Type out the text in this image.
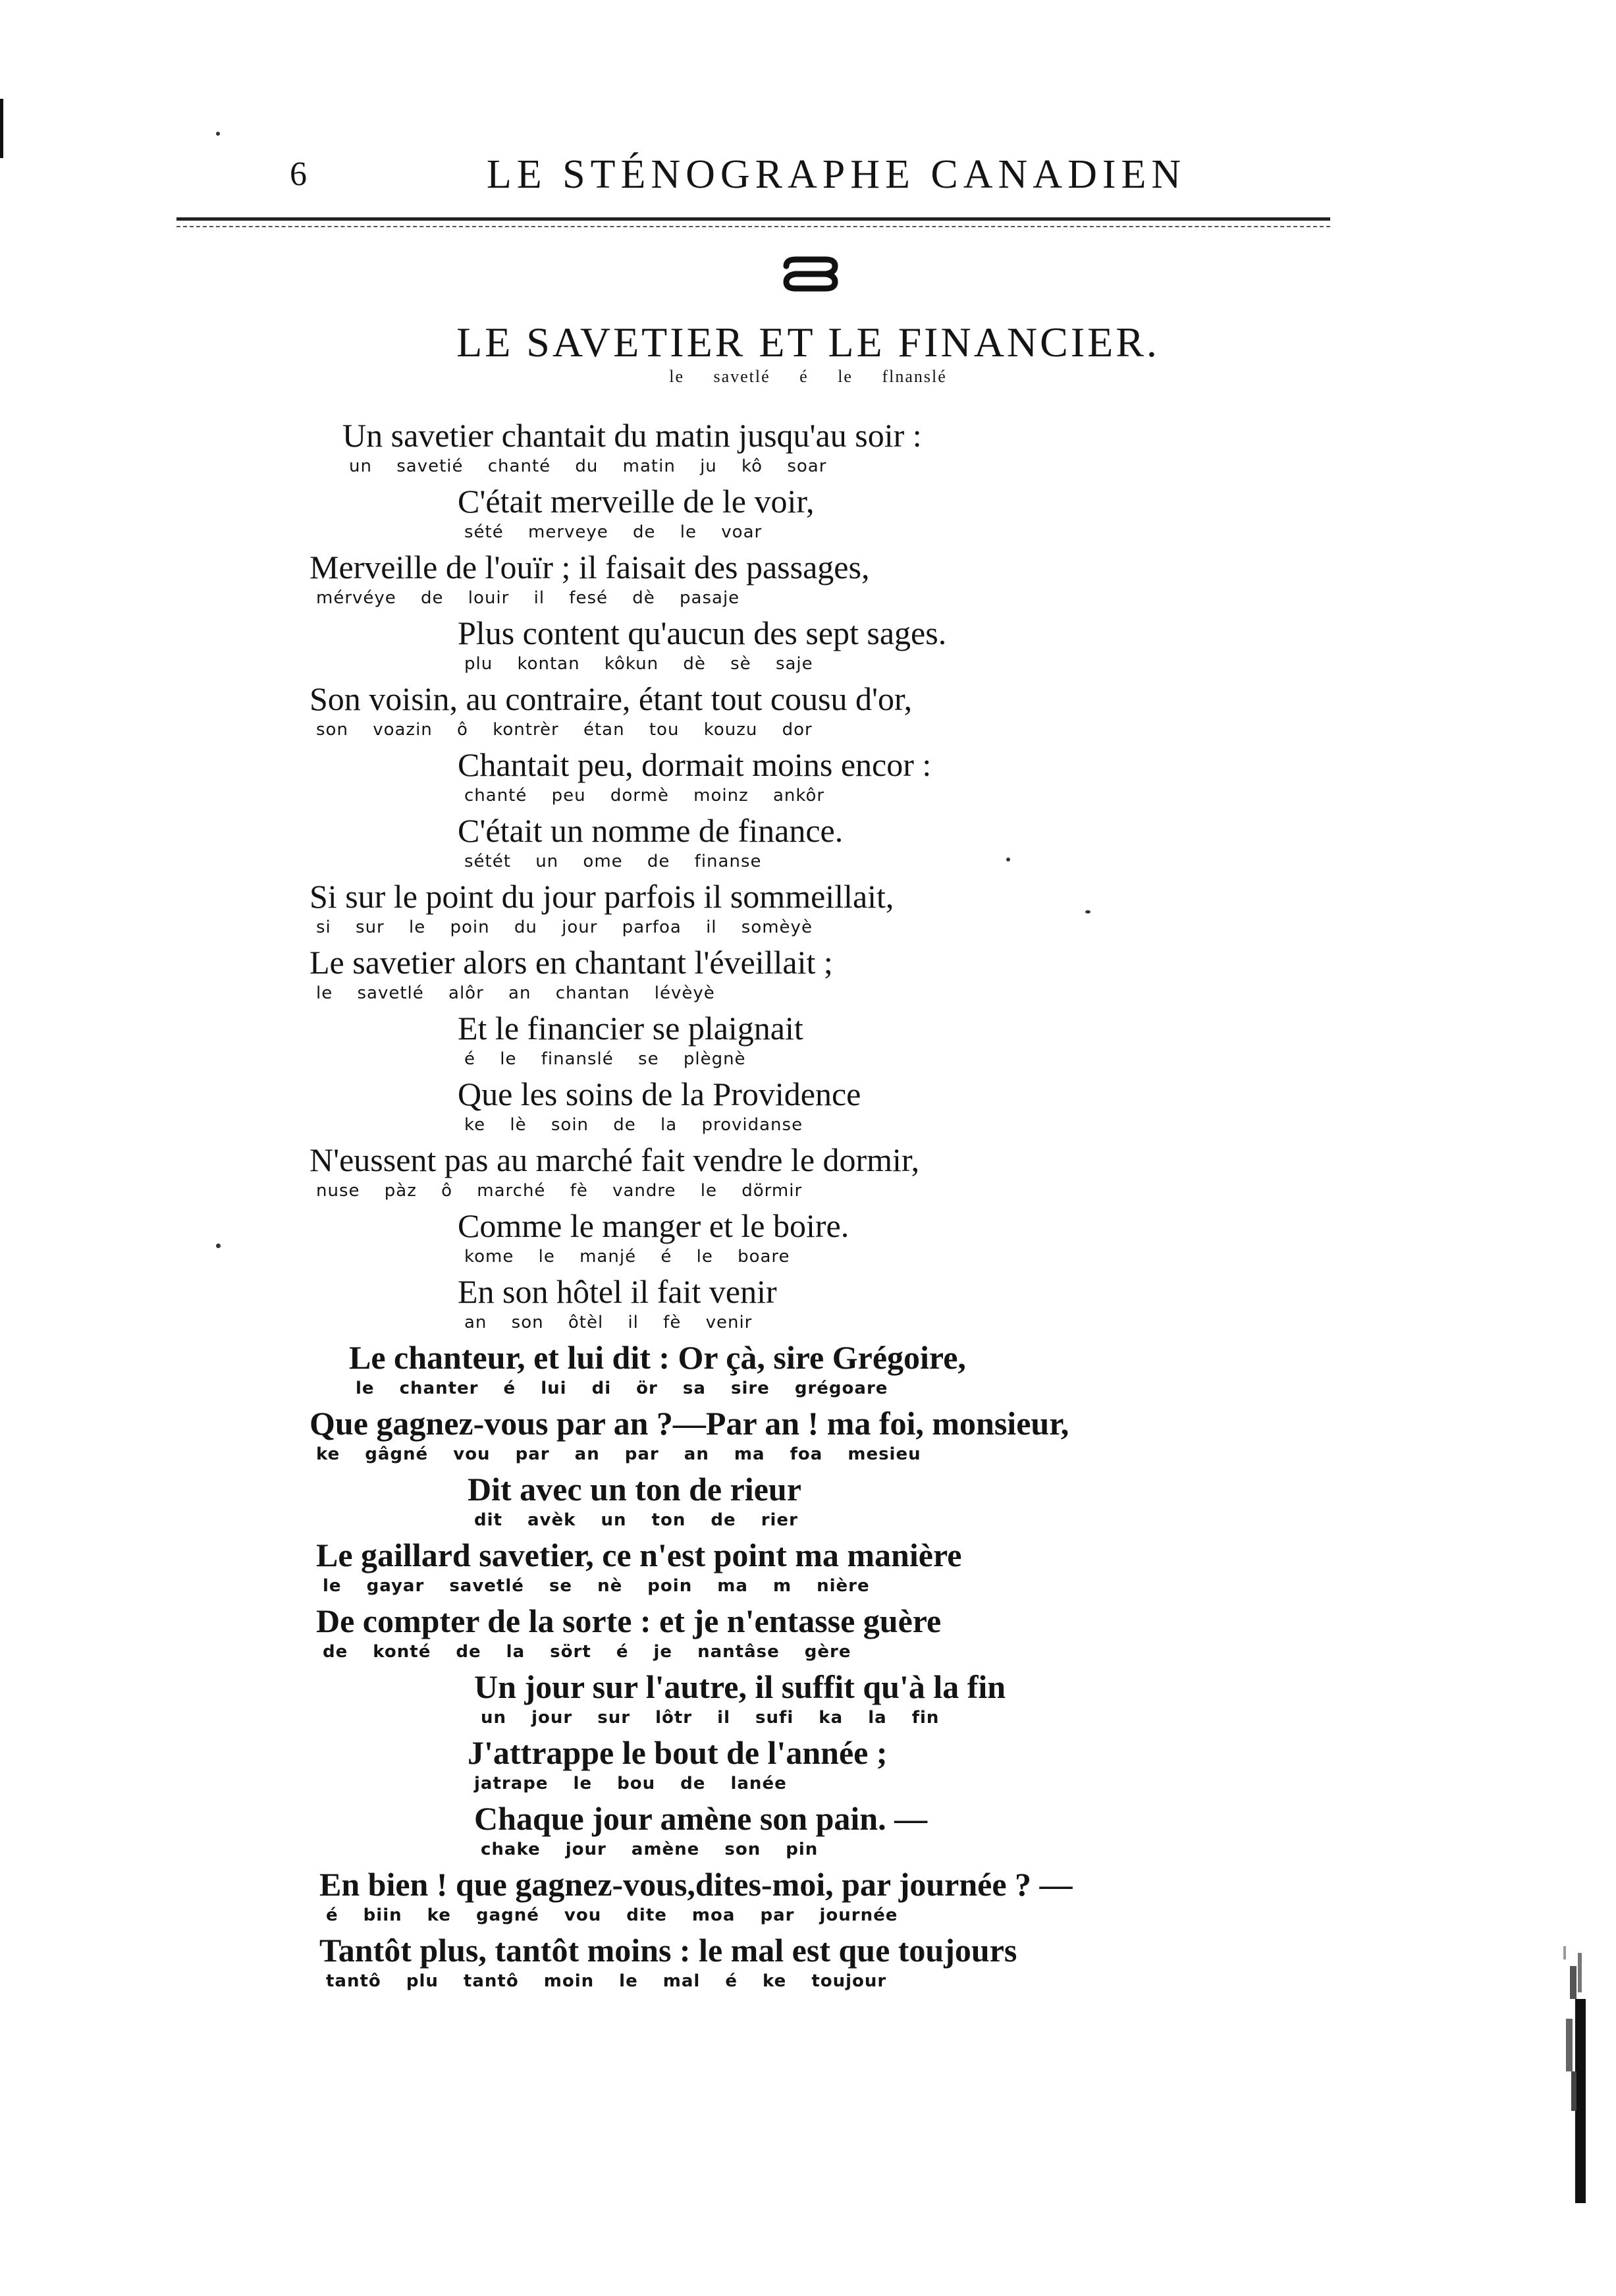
6	LE STÉNOGRAPHE CANADIEN
LE SAVETIER ET LE FINANCIER.
le savetlé é le flnanslé
Un savetier chantait du matin jusqu'au soir :
un savetié chanté du matin ju kô soar
C'était merveille de le voir,
sété merveye de le voar
Merveille de l'ouïr ; il faisait des passages,
mérvéye de louir il fesé dè pasaje
Plus content qu'aucun des sept sages.
plu kontan kôkun dè sè saje
Son voisin, au contraire, étant tout cousu d'or,
son voazin ô kontrèr étan tou kouzu dor
Chantait peu, dormait moins encor :
chanté peu dormè moinz ankôr
C'était un nomme de finance.
sétét un ome de finanse
Si sur le point du jour parfois il sommeillait,
si sur le poin du jour parfoa il somèyè
Le savetier alors en chantant l'éveillait ;
le savetlé alôr an chantan lévèyè
Et le financier se plaignait
é le finanslé se plègnè
Que les soins de la Providence
ke lè soin de la providanse
N'eussent pas au marché fait vendre le dormir,
nuse pàz ô marché fè vandre le dörmir
Comme le manger et le boire.
kome le manjé é le boare
En son hôtel il fait venir
an son ôtèl il fè venir
Le chanteur, et lui dit : Or çà, sire Grégoire,
le chanter é lui di ör sa sire grégoare
Que gagnez-vous par an ?—Par an ! ma foi, monsieur,
ke gâgné vou par an par an ma foa mesieu
Dit avec un ton de rieur
dit avèk un ton de rier
Le gaillard savetier, ce n'est point ma manière
le gayar savetlé se nè poin ma m nière
De compter de la sorte : et je n'entasse guère
de konté de la sört é je nantâse gère
Un jour sur l'autre, il suffit qu'à la fin
un jour sur lôtr il sufi ka la fin
J'attrappe le bout de l'année ;
jatrape le bou de lanée
Chaque jour amène son pain. —
chake jour amène son pin
En bien ! que gagnez-vous,dites-moi, par journée ? —
é biin ke gagné vou dite moa par journée
Tantôt plus, tantôt moins : le mal est que toujours
tantô plu tantô moin le mal é ke toujour
